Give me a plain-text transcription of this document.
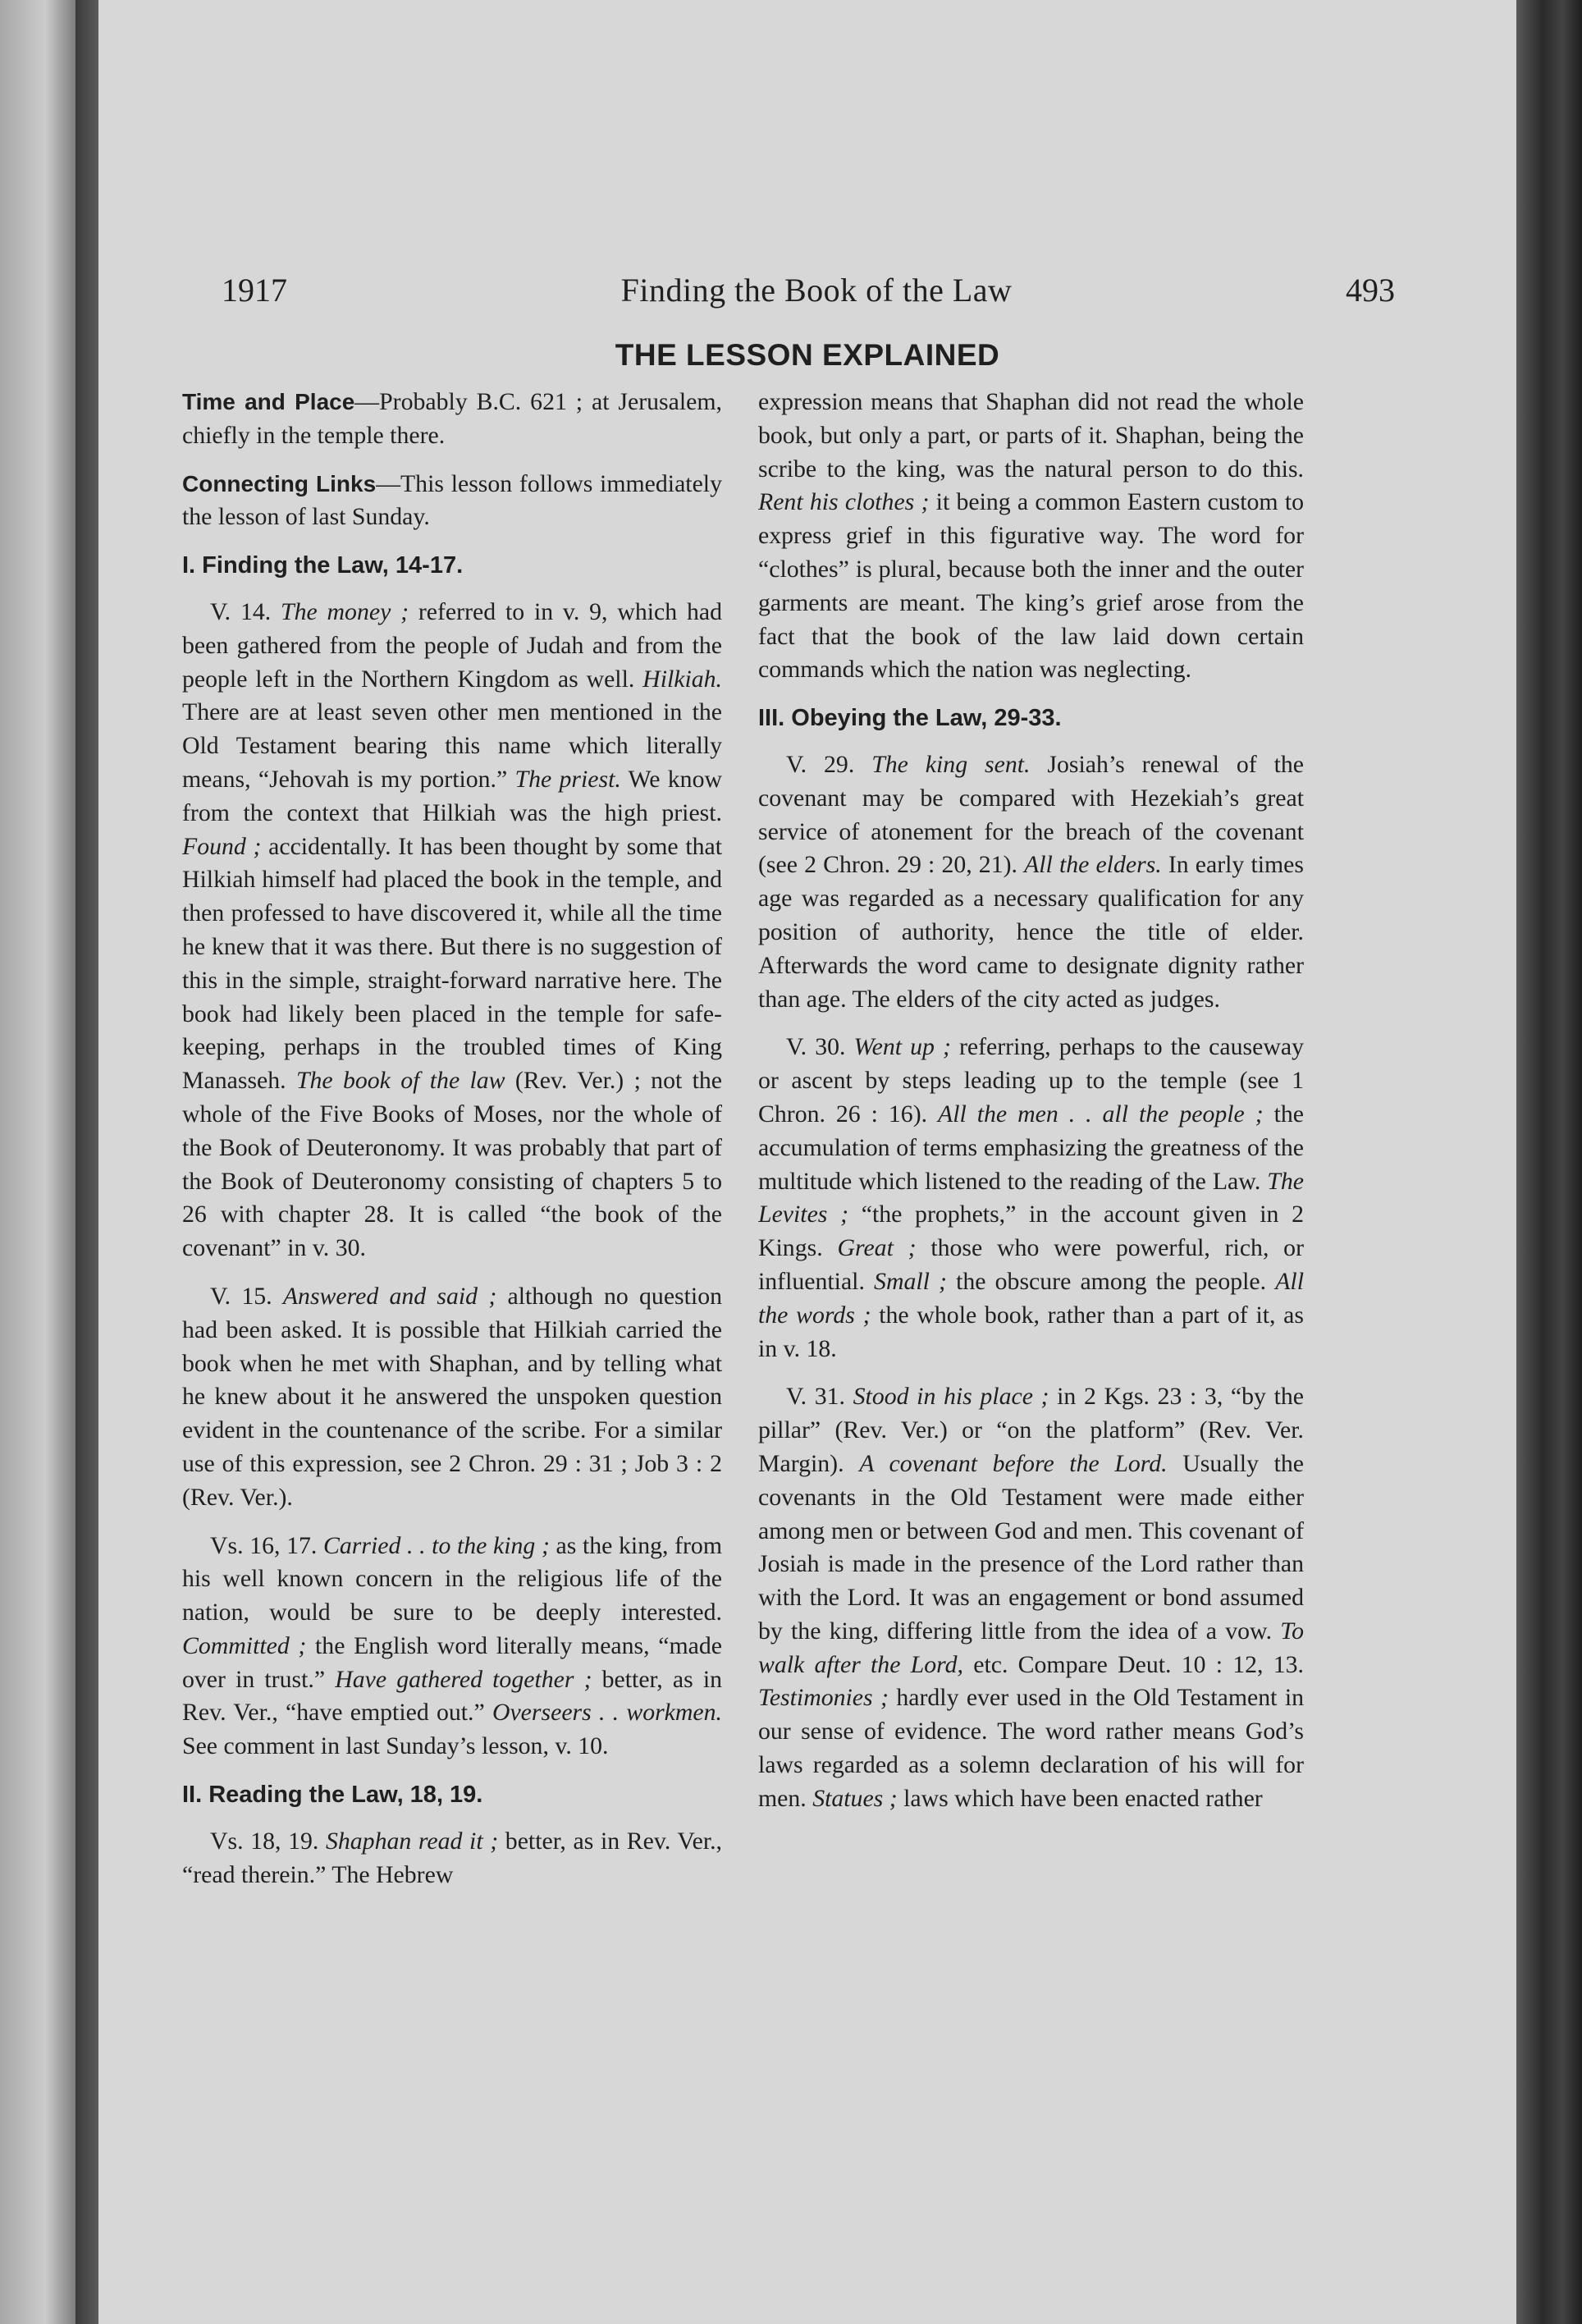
1917	Finding the Book of the Law	493
THE LESSON EXPLAINED

Time and Place—Probably B.C. 621 ; at Jerusalem, chiefly in the temple there.

Connecting Links—This lesson follows immediately the lesson of last Sunday.

I. Finding the Law, 14-17.

V. 14. The money ; referred to in v. 9, which had been gathered from the people of Judah and from the people left in the Northern Kingdom as well. Hilkiah. There are at least seven other men mentioned in the Old Testament bearing this name which literally means, “Jehovah is my portion.” The priest. We know from the context that Hilkiah was the high priest. Found ; accidentally. It has been thought by some that Hilkiah himself had placed the book in the temple, and then professed to have discovered it, while all the time he knew that it was there. But there is no suggestion of this in the simple, straight-forward narrative here. The book had likely been placed in the temple for safe-keeping, perhaps in the troubled times of King Manasseh. The book of the law (Rev. Ver.) ; not the whole of the Five Books of Moses, nor the whole of the Book of Deuteronomy. It was probably that part of the Book of Deuteronomy consisting of chapters 5 to 26 with chapter 28. It is called “the book of the covenant” in v. 30.

V. 15. Answered and said ; although no question had been asked. It is possible that Hilkiah carried the book when he met with Shaphan, and by telling what he knew about it he answered the unspoken question evident in the countenance of the scribe. For a similar use of this expression, see 2 Chron. 29 : 31 ; Job 3 : 2 (Rev. Ver.).

Vs. 16, 17. Carried . . to the king ; as the king, from his well known concern in the religious life of the nation, would be sure to be deeply interested. Committed ; the English word literally means, “made over in trust.” Have gathered together ; better, as in Rev. Ver., “have emptied out.” Overseers . . workmen. See comment in last Sunday’s lesson, v. 10.

II. Reading the Law, 18, 19.

Vs. 18, 19. Shaphan read it ; better, as in Rev. Ver., “read therein.” The Hebrew

expression means that Shaphan did not read the whole book, but only a part, or parts of it. Shaphan, being the scribe to the king, was the natural person to do this. Rent his clothes ; it being a common Eastern custom to express grief in this figurative way. The word for “clothes” is plural, because both the inner and the outer garments are meant. The king’s grief arose from the fact that the book of the law laid down certain commands which the nation was neglecting.

III. Obeying the Law, 29-33.

V. 29. The king sent. Josiah’s renewal of the covenant may be compared with Hezekiah’s great service of atonement for the breach of the covenant (see 2 Chron. 29 : 20, 21). All the elders. In early times age was regarded as a necessary qualification for any position of authority, hence the title of elder. Afterwards the word came to designate dignity rather than age. The elders of the city acted as judges.

V. 30. Went up ; referring, perhaps to the causeway or ascent by steps leading up to the temple (see 1 Chron. 26 : 16). All the men . . all the people ; the accumulation of terms emphasizing the greatness of the multitude which listened to the reading of the Law. The Levites ; “the prophets,” in the account given in 2 Kings. Great ; those who were powerful, rich, or influential. Small ; the obscure among the people. All the words ; the whole book, rather than a part of it, as in v. 18.

V. 31. Stood in his place ; in 2 Kgs. 23 : 3, “by the pillar” (Rev. Ver.) or “on the platform” (Rev. Ver. Margin). A covenant before the Lord. Usually the covenants in the Old Testament were made either among men or between God and men. This covenant of Josiah is made in the presence of the Lord rather than with the Lord. It was an engagement or bond assumed by the king, differing little from the idea of a vow. To walk after the Lord, etc. Compare Deut. 10 : 12, 13. Testimonies ; hardly ever used in the Old Testament in our sense of evidence. The word rather means God’s laws regarded as a solemn declaration of his will for men. Statues ; laws which have been enacted rather
